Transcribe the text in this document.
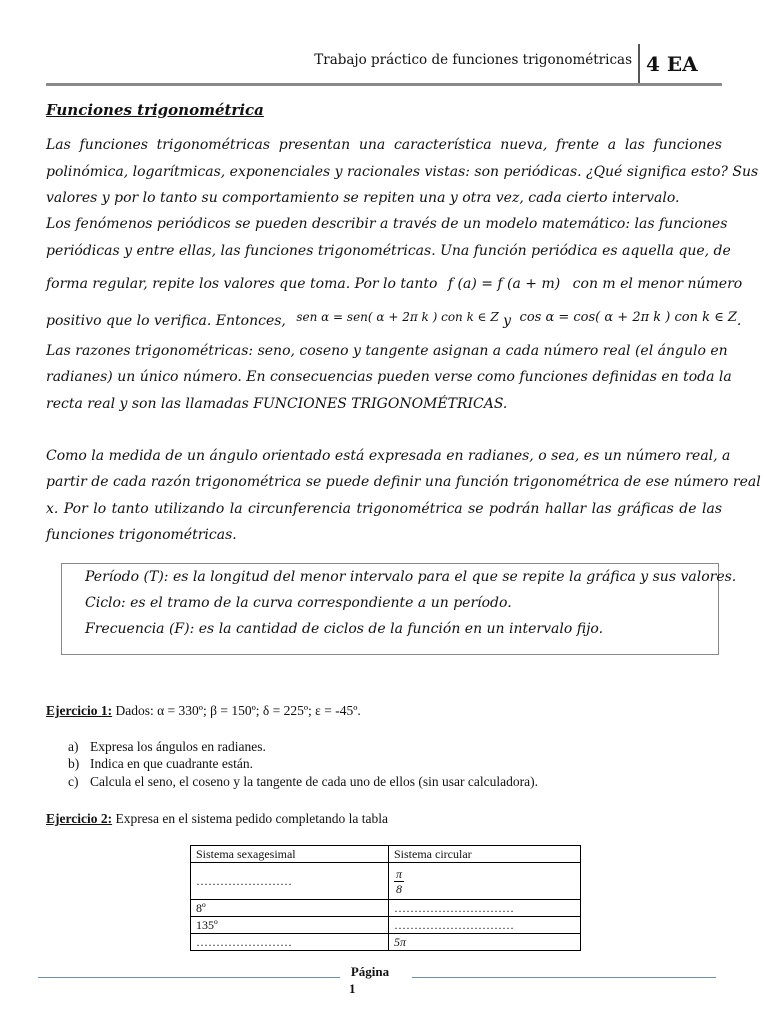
Trabajo práctico de funciones trigonométricas 4 EA
Funciones trigonométrica
Las funciones trigonométricas presentan una característica nueva, frente a las funciones
polinómica, logarítmicas, exponenciales y racionales vistas: son periódicas. ¿Qué significa esto? Sus
valores y por lo tanto su comportamiento se repiten una y otra vez, cada cierto intervalo.
Los fenómenos periódicos se pueden describir a través de un modelo matemático: las funciones
periódicas y entre ellas, las funciones trigonométricas. Una función periódica es aquella que, de
forma regular, repite los valores que toma. Por lo tanto f (a) = f (a + m) con m el menor número
positivo que lo verifica. Entonces, sen α = sen( α + 2π k ) con k ∈ Z y cos α = cos( α + 2π k ) con k ∈ Z.
Las razones trigonométricas: seno, coseno y tangente asignan a cada número real (el ángulo en
radianes) un único número. En consecuencias pueden verse como funciones definidas en toda la
recta real y son las llamadas FUNCIONES TRIGONOMÉTRICAS.
Como la medida de un ángulo orientado está expresada en radianes, o sea, es un número real, a
partir de cada razón trigonométrica se puede definir una función trigonométrica de ese número real
x. Por lo tanto utilizando la circunferencia trigonométrica se podrán hallar las gráficas de las
funciones trigonométricas.
Período (T): es la longitud del menor intervalo para el que se repite la gráfica y sus valores.
Ciclo: es el tramo de la curva correspondiente a un período.
Frecuencia (F): es la cantidad de ciclos de la función en un intervalo fijo.
Ejercicio 1: Dados: α = 330º; β = 150º; δ = 225º; ε = -45º.
a) Expresa los ángulos en radianes.
b) Indica en que cuadrante están.
c) Calcula el seno, el coseno y la tangente de cada uno de ellos (sin usar calculadora).
Ejercicio 2: Expresa en el sistema pedido completando la tabla
Sistema sexagesimal	Sistema circular
……………………	$\frac{\pi}{8}$

8º	…………………………
135º	…………………………
……………………	5π
Página
1
